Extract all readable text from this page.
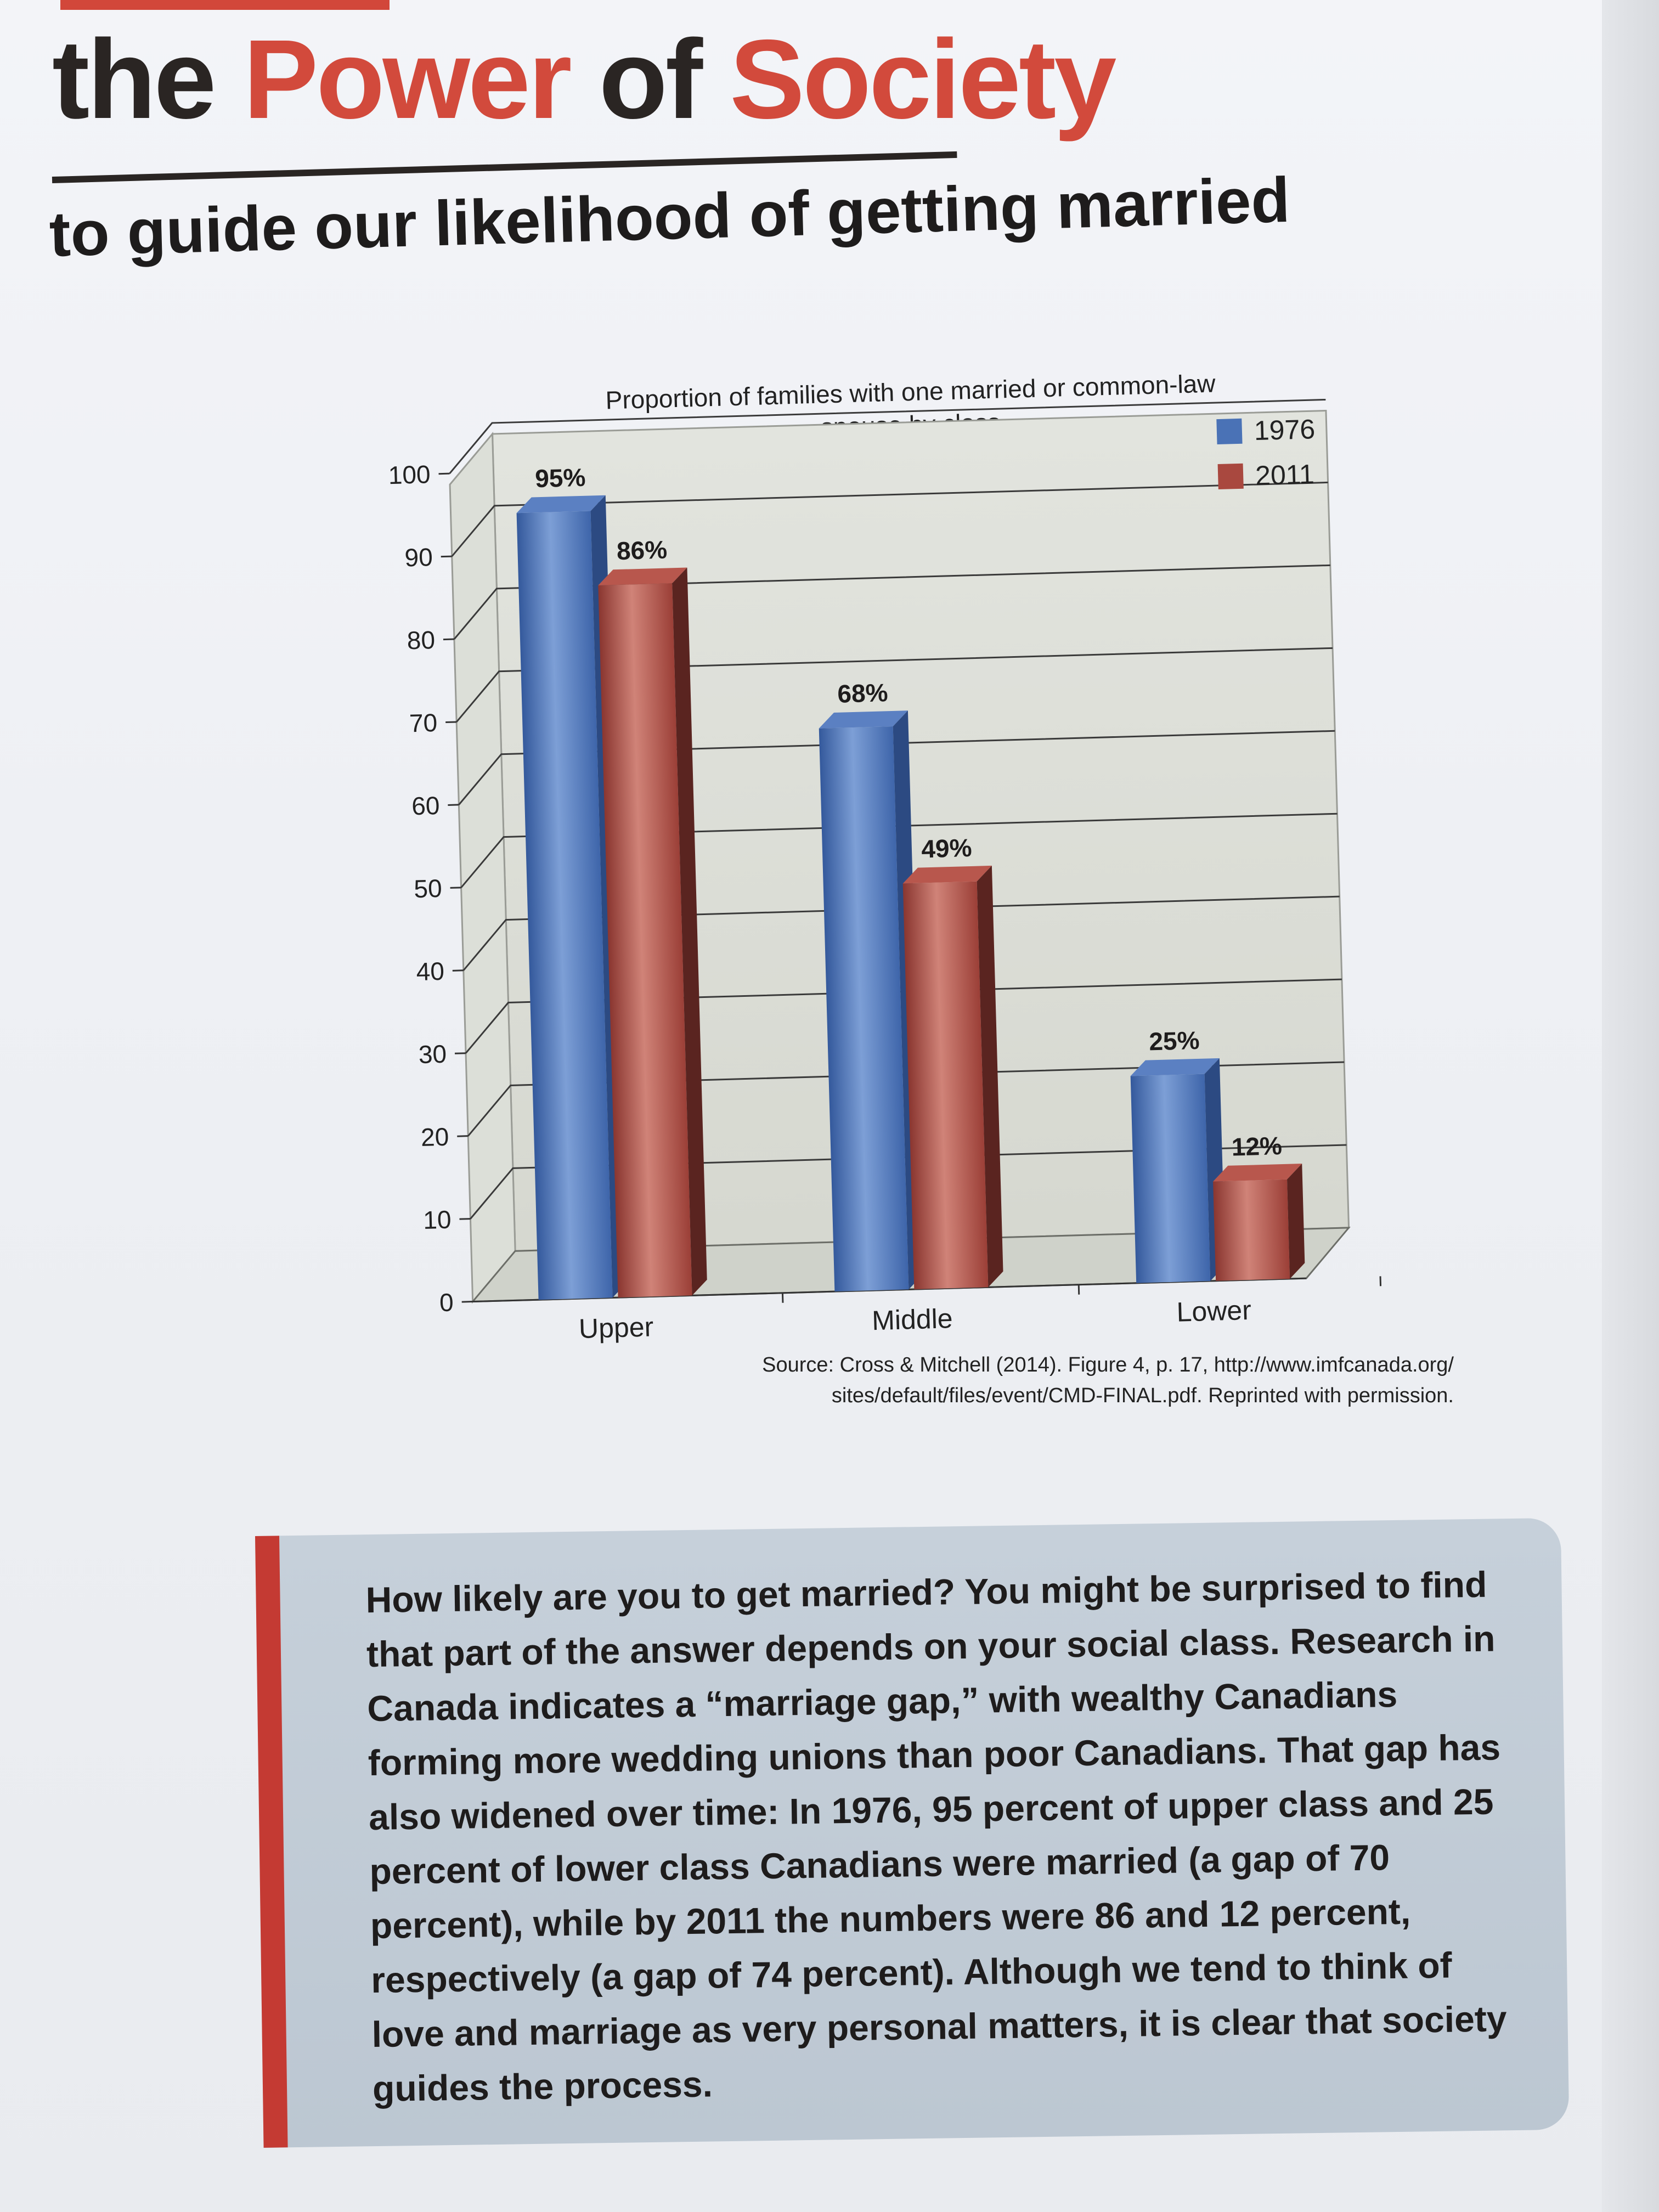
the Power of Society
to guide our likelihood of getting married
Proportion of families with one married or common-law
0
10
20
30
40
50
60
70
80
90
100	95%
86%
68%
49%
25%
12%
Upper	Middle	Lower
1976
2011
Source: Cross & Mitchell (2014). Figure 4, p. 17, http://www.imfcanada.org/
sites/default/files/event/CMD-FINAL.pdf. Reprinted with permission.
How likely are you to get married? You might be surprised to find that part of the answer depends on your social class. Research in Canada indicates a “marriage gap,” with wealthy Canadians forming more wedding unions than poor Canadians. That gap has also widened over time: In 1976, 95 percent of upper class and 25 percent of lower class Canadians were married (a gap of 70 percent), while by 2011 the numbers were 86 and 12 percent, respectively (a gap of 74 percent). Although we tend to think of love and marriage as very personal matters, it is clear that society guides the process.
